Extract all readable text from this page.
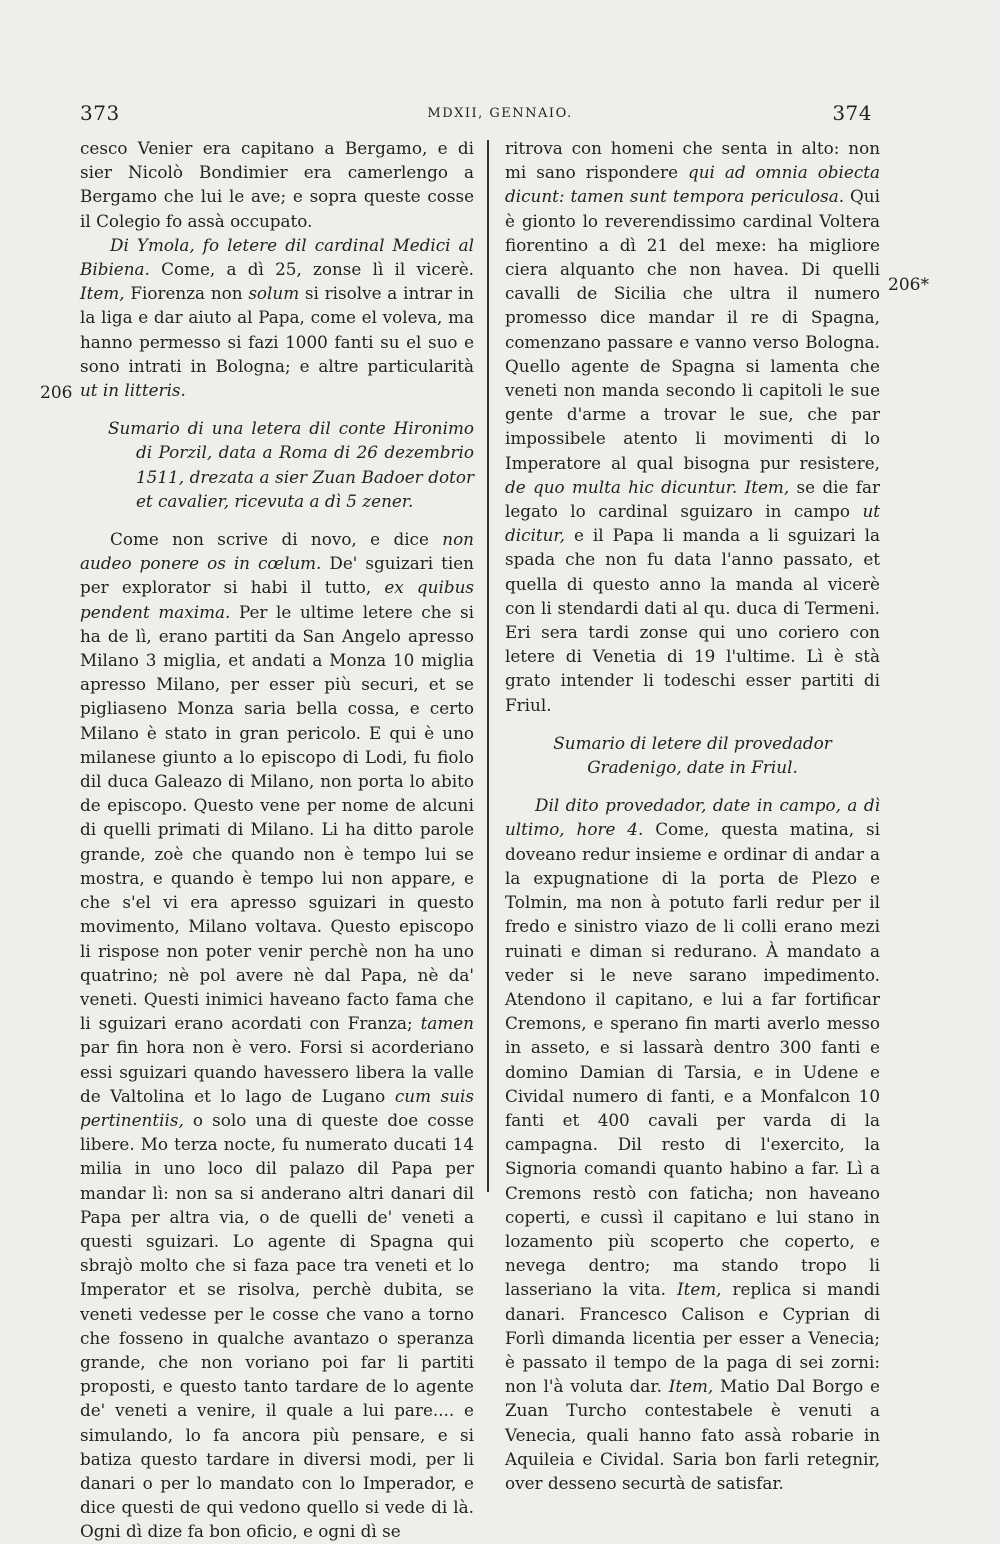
373	MDXII, GENNAIO.	374
206
206*

cesco Venier era capitano a Bergamo, e di sier Nicolò Bondimier era camerlengo a Bergamo che lui le ave; e sopra queste cosse il Colegio fo assà occupato.

Di Ymola, fo letere dil cardinal Medici al Bibiena. Come, a dì 25, zonse lì il vicerè. Item, Fiorenza non solum si risolve a intrar in la liga e dar aiuto al Papa, come el voleva, ma hanno permesso si fazi 1000 fanti su el suo e sono intrati in Bologna; e altre particularità ut in litteris.

Sumario di una letera dil conte Hironimo di Porzil, data a Roma di 26 dezembrio 1511, drezata a sier Zuan Badoer dotor et cavalier, ricevuta a dì 5 zener.

Come non scrive di novo, e dice non audeo ponere os in cœlum. De' sguizari tien per explorator si habi il tutto, ex quibus pendent maxima. Per le ultime letere che si ha de lì, erano partiti da San Angelo apresso Milano 3 miglia, et andati a Monza 10 miglia apresso Milano, per esser più securi, et se pigliaseno Monza saria bella cossa, e certo Milano è stato in gran pericolo. E qui è uno milanese giunto a lo episcopo di Lodi, fu fiolo dil duca Galeazo di Milano, non porta lo abito de episcopo. Questo vene per nome de alcuni di quelli primati di Milano. Li ha ditto parole grande, zoè che quando non è tempo lui se mostra, e quando è tempo lui non appare, e che s'el vi era apresso sguizari in questo movimento, Milano voltava. Questo episcopo li rispose non poter venir perchè non ha uno quatrino; nè pol avere nè dal Papa, nè da' veneti. Questi inimici haveano facto fama che li sguizari erano acordati con Franza; tamen par fin hora non è vero. Forsi si acorderiano essi sguizari quando havessero libera la valle de Valtolina et lo lago de Lugano cum suis pertinentiis, o solo una di queste doe cosse libere. Mo terza nocte, fu numerato ducati 14 milia in uno loco dil palazo dil Papa per mandar lì: non sa si anderano altri danari dil Papa per altra via, o de quelli de' veneti a questi sguizari. Lo agente di Spagna qui sbrajò molto che si faza pace tra veneti et lo Imperator et se risolva, perchè dubita, se veneti vedesse per le cosse che vano a torno che fosseno in qualche avantazo o speranza grande, che non voriano poi far li partiti proposti, e questo tanto tardare de lo agente de' veneti a venire, il quale a lui pare.... e simulando, lo fa ancora più pensare, e si batiza questo tardare in diversi modi, per li danari o per lo mandato con lo Imperador, e dice questi de qui vedono quello si vede di là. Ogni dì dize fa bon oficio, e ogni dì se

ritrova con homeni che senta in alto: non mi sano rispondere qui ad omnia obiecta dicunt: tamen sunt tempora periculosa. Qui è gionto lo reverendissimo cardinal Voltera fiorentino a dì 21 del mexe: ha migliore ciera alquanto che non havea. Di quelli cavalli de Sicilia che ultra il numero promesso dice mandar il re di Spagna, comenzano passare e vanno verso Bologna. Quello agente de Spagna si lamenta che veneti non manda secondo li capitoli le sue gente d'arme a trovar le sue, che par impossibele atento li movimenti di lo Imperatore al qual bisogna pur resistere, de quo multa hic dicuntur. Item, se die far legato lo cardinal sguizaro in campo ut dicitur, e il Papa li manda a li sguizari la spada che non fu data l'anno passato, et quella di questo anno la manda al vicerè con li stendardi dati al qu. duca di Termeni. Eri sera tardi zonse qui uno coriero con letere di Venetia di 19 l'ultime. Lì è stà grato intender li todeschi esser partiti di Friul.

Sumario di letere dil provedador Gradenigo, date in Friul.

Dil dito provedador, date in campo, a dì ultimo, hore 4. Come, questa matina, si doveano redur insieme e ordinar di andar a la expugnatione di la porta de Plezo e Tolmin, ma non à potuto farli redur per il fredo e sinistro viazo de li colli erano mezi ruinati e diman si redurano. À mandato a veder si le neve sarano impedimento. Atendono il capitano, e lui a far fortificar Cremons, e sperano fin marti averlo messo in asseto, e si lassarà dentro 300 fanti e domino Damian di Tarsia, e in Udene e Cividal numero di fanti, e a Monfalcon 10 fanti et 400 cavali per varda di la campagna. Dil resto di l'exercito, la Signoria comandi quanto habino a far. Lì a Cremons restò con faticha; non haveano coperti, e cussì il capitano e lui stano in lozamento più scoperto che coperto, e nevega dentro; ma stando tropo li lasseriano la vita. Item, replica si mandi danari. Francesco Calison e Cyprian di Forlì dimanda licentia per esser a Venecia; è passato il tempo de la paga di sei zorni: non l'à voluta dar. Item, Matio Dal Borgo e Zuan Turcho contestabele è venuti a Venecia, quali hanno fato assà robarie in Aquileia e Cividal. Saria bon farli retegnir, over desseno securtà de satisfar.
